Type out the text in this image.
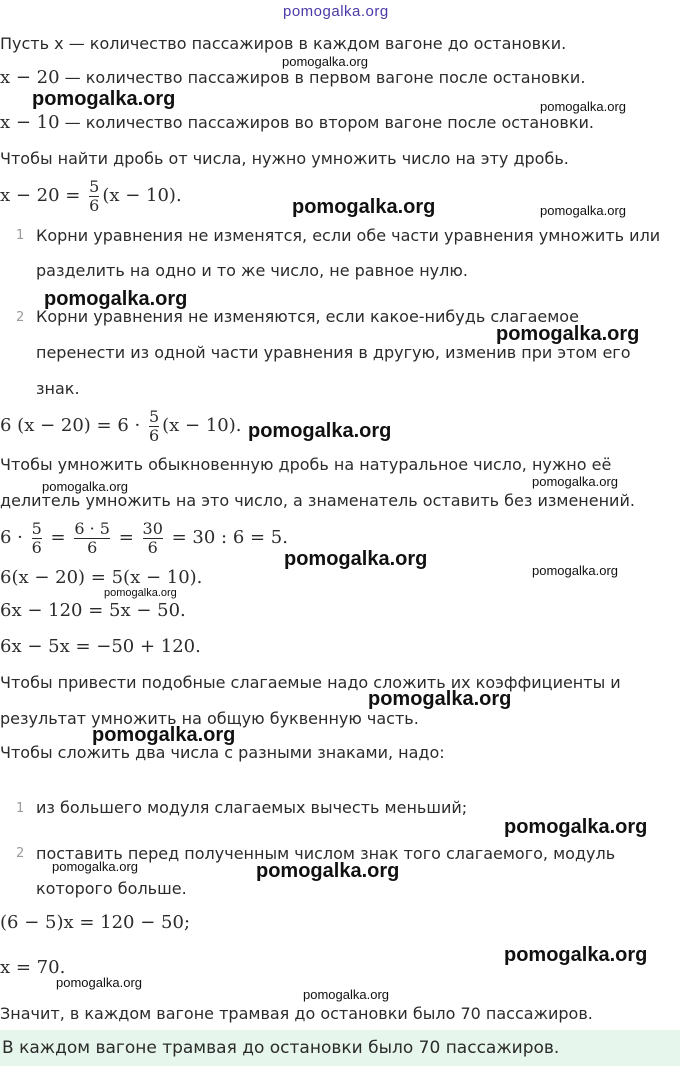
pomogalka.org
pomogalka.org
pomogalka.org	pomogalka.org
pomogalka.org	pomogalka.org
pomogalka.org
pomogalka.org
pomogalka.org
pomogalka.org	pomogalka.org
pomogalka.org
pomogalka.org
pomogalka.org
pomogalka.org
pomogalka.org
pomogalka.org
pomogalka.org	pomogalka.org
pomogalka.org
pomogalka.org
pomogalka.org
Пусть x — количество пассажиров в каждом вагоне до остановки.
x − 20 — количество пассажиров в первом вагоне после остановки.
x − 10 — количество пассажиров во втором вагоне после остановки.
Чтобы найти дробь от числа, нужно умножить число на эту дробь.
$x - 20 = \frac{5}{6} (x - 10)$.
1 Корни уравнения не изменятся, если обе части уравнения умножить или
разделить на одно и то же число, не равное нулю.
2 Корни уравнения не изменяются, если какое-нибудь слагаемое
перенести из одной части уравнения в другую, изменив при этом его
знак.
6 $(x - 20) = 6 \cdot \frac{5}{6} (x - 10)$.
Чтобы умножить обыкновенную дробь на натуральное число, нужно её
делитель умножить на это число, а знаменатель оставить без изменений.
$6 \cdot \frac{5}{6} = \frac{6 \cdot 5}{6} = \frac{30}{6} = 30$ : 6 = 5.
6(x − 20) = 5(x − 10).
6x − 120 = 5x − 50.
6x − 5x = −50 + 120.
Чтобы привести подобные слагаемые надо сложить их коэффициенты и
результат умножить на общую буквенную часть.
Чтобы сложить два числа с разными знаками, надо:
1 из большего модуля слагаемых вычесть меньший;
2 поставить перед полученным числом знак того слагаемого, модуль
которого больше.
(6 − 5)x = 120 − 50;
x = 70.
Значит, в каждом вагоне трамвая до остановки было 70 пассажиров.
В каждом вагоне трамвая до остановки было 70 пассажиров.
